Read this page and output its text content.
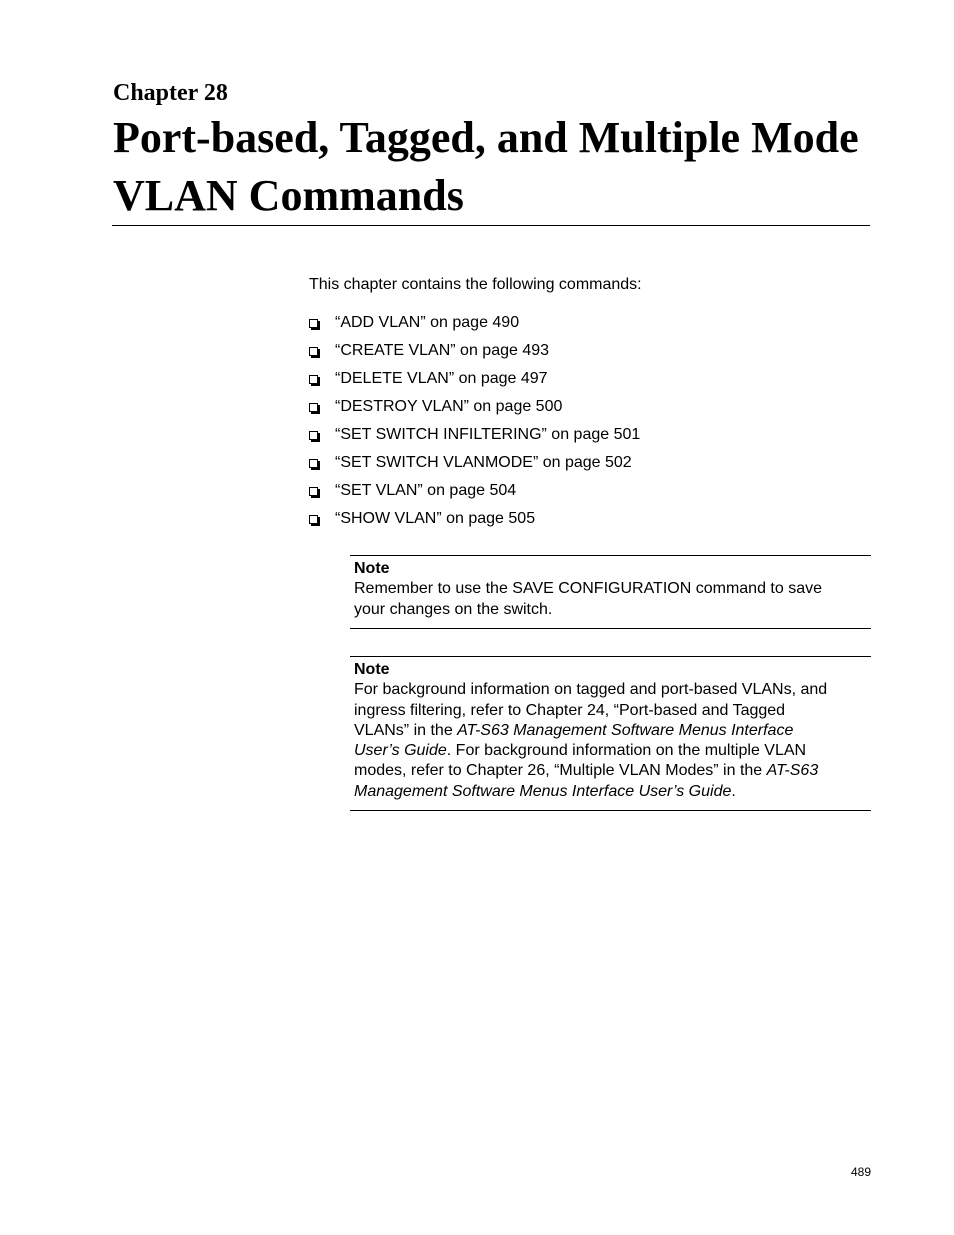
Chapter 28
Port-based, Tagged, and Multiple Mode
VLAN Commands
This chapter contains the following commands:
“ADD VLAN” on page 490
“CREATE VLAN” on page 493
“DELETE VLAN” on page 497
“DESTROY VLAN” on page 500
“SET SWITCH INFILTERING” on page 501
“SET SWITCH VLANMODE” on page 502
“SET VLAN” on page 504
“SHOW VLAN” on page 505
Note
Remember to use the SAVE CONFIGURATION command to save
your changes on the switch.
Note
For background information on tagged and port-based VLANs, and
ingress filtering, refer to Chapter 24, “Port-based and Tagged
VLANs” in the AT-S63 Management Software Menus Interface
User’s Guide. For background information on the multiple VLAN
modes, refer to Chapter 26, “Multiple VLAN Modes” in the AT-S63
Management Software Menus Interface User’s Guide.
489
